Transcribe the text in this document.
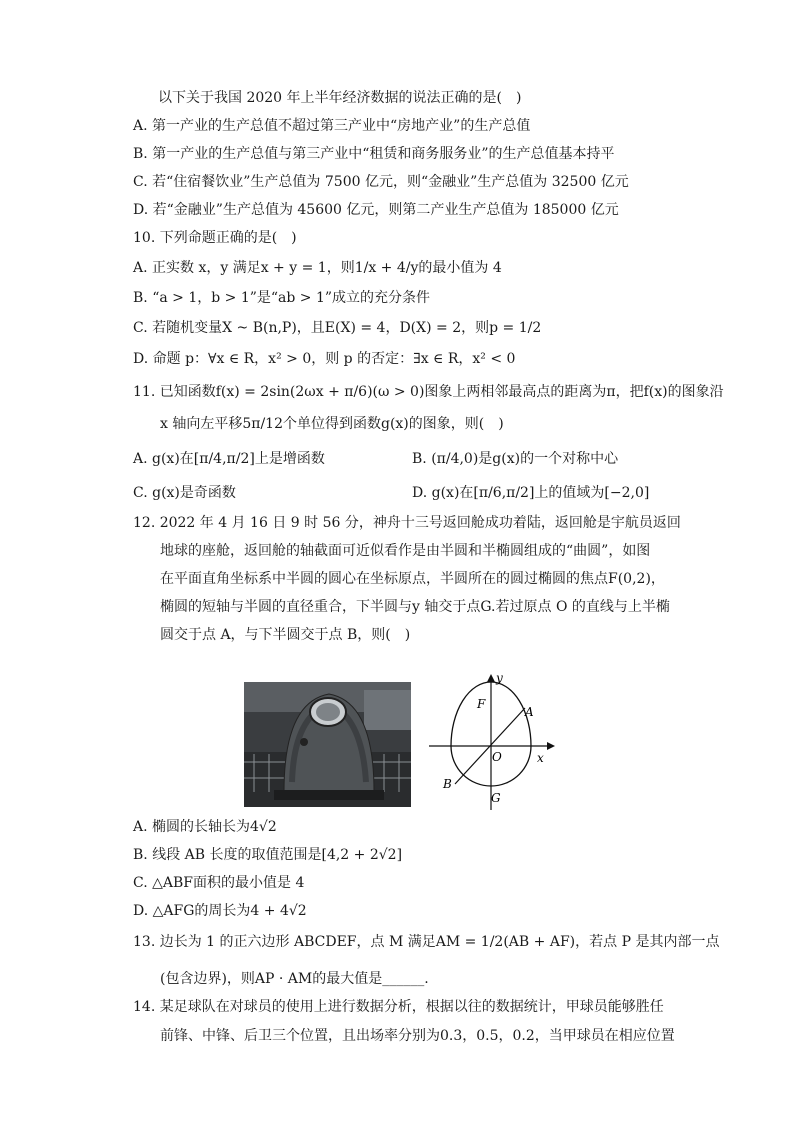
以下关于我国 2020 年上半年经济数据的说法正确的是(　)
A. 第一产业的生产总值不超过第三产业中“房地产业”的生产总值
B. 第一产业的生产总值与第三产业中“租赁和商务服务业”的生产总值基本持平
C. 若“住宿餐饮业”生产总值为 7500 亿元，则“金融业”生产总值为 32500 亿元
D. 若“金融业”生产总值为 45600 亿元，则第二产业生产总值为 185000 亿元
10. 下列命题正确的是(　)
A. 正实数 x，y 满足x + y = 1，则1/x + 4/y的最小值为 4
B. “a > 1，b > 1”是“ab > 1”成立的充分条件
C. 若随机变量X ~ B(n,P)，且E(X) = 4，D(X) = 2，则p = 1/2
D. 命题 p：∀x ∈ R，x² > 0，则 p 的否定：∃x ∈ R，x² < 0
11. 已知函数f(x) = 2sin(2ωx + π/6)(ω > 0)图象上两相邻最高点的距离为π，把f(x)的图象沿
x 轴向左平移5π/12个单位得到函数g(x)的图象，则(　)
A. g(x)在[π/4,π/2]上是增函数	B. (π/4,0)是g(x)的一个对称中心
C. g(x)是奇函数	D. g(x)在[π/6,π/2]上的值域为[−2,0]
12. 2022 年 4 月 16 日 9 时 56 分，神舟十三号返回舱成功着陆，返回舱是宇航员返回
地球的座舱，返回舱的轴截面可近似看作是由半圆和半椭圆组成的“曲圆”，如图
在平面直角坐标系中半圆的圆心在坐标原点，半圆所在的圆过椭圆的焦点F(0,2)，
椭圆的短轴与半圆的直径重合，下半圆与y 轴交于点G.若过原点 O 的直线与上半椭
圆交于点 A，与下半圆交于点 B，则(　)
y
x
F
A
O
B
G
A. 椭圆的长轴长为4√2
B. 线段 AB 长度的取值范围是[4,2 + 2√2]
C. △ABF面积的最小值是 4
D. △AFG的周长为4 + 4√2
13. 边长为 1 的正六边形 ABCDEF，点 M 满足AM = 1/2(AB + AF)，若点 P 是其内部一点
(包含边界)，则AP · AM的最大值是______.
14. 某足球队在对球员的使用上进行数据分析，根据以往的数据统计，甲球员能够胜任
前锋、中锋、后卫三个位置，且出场率分别为0.3，0.5，0.2，当甲球员在相应位置
